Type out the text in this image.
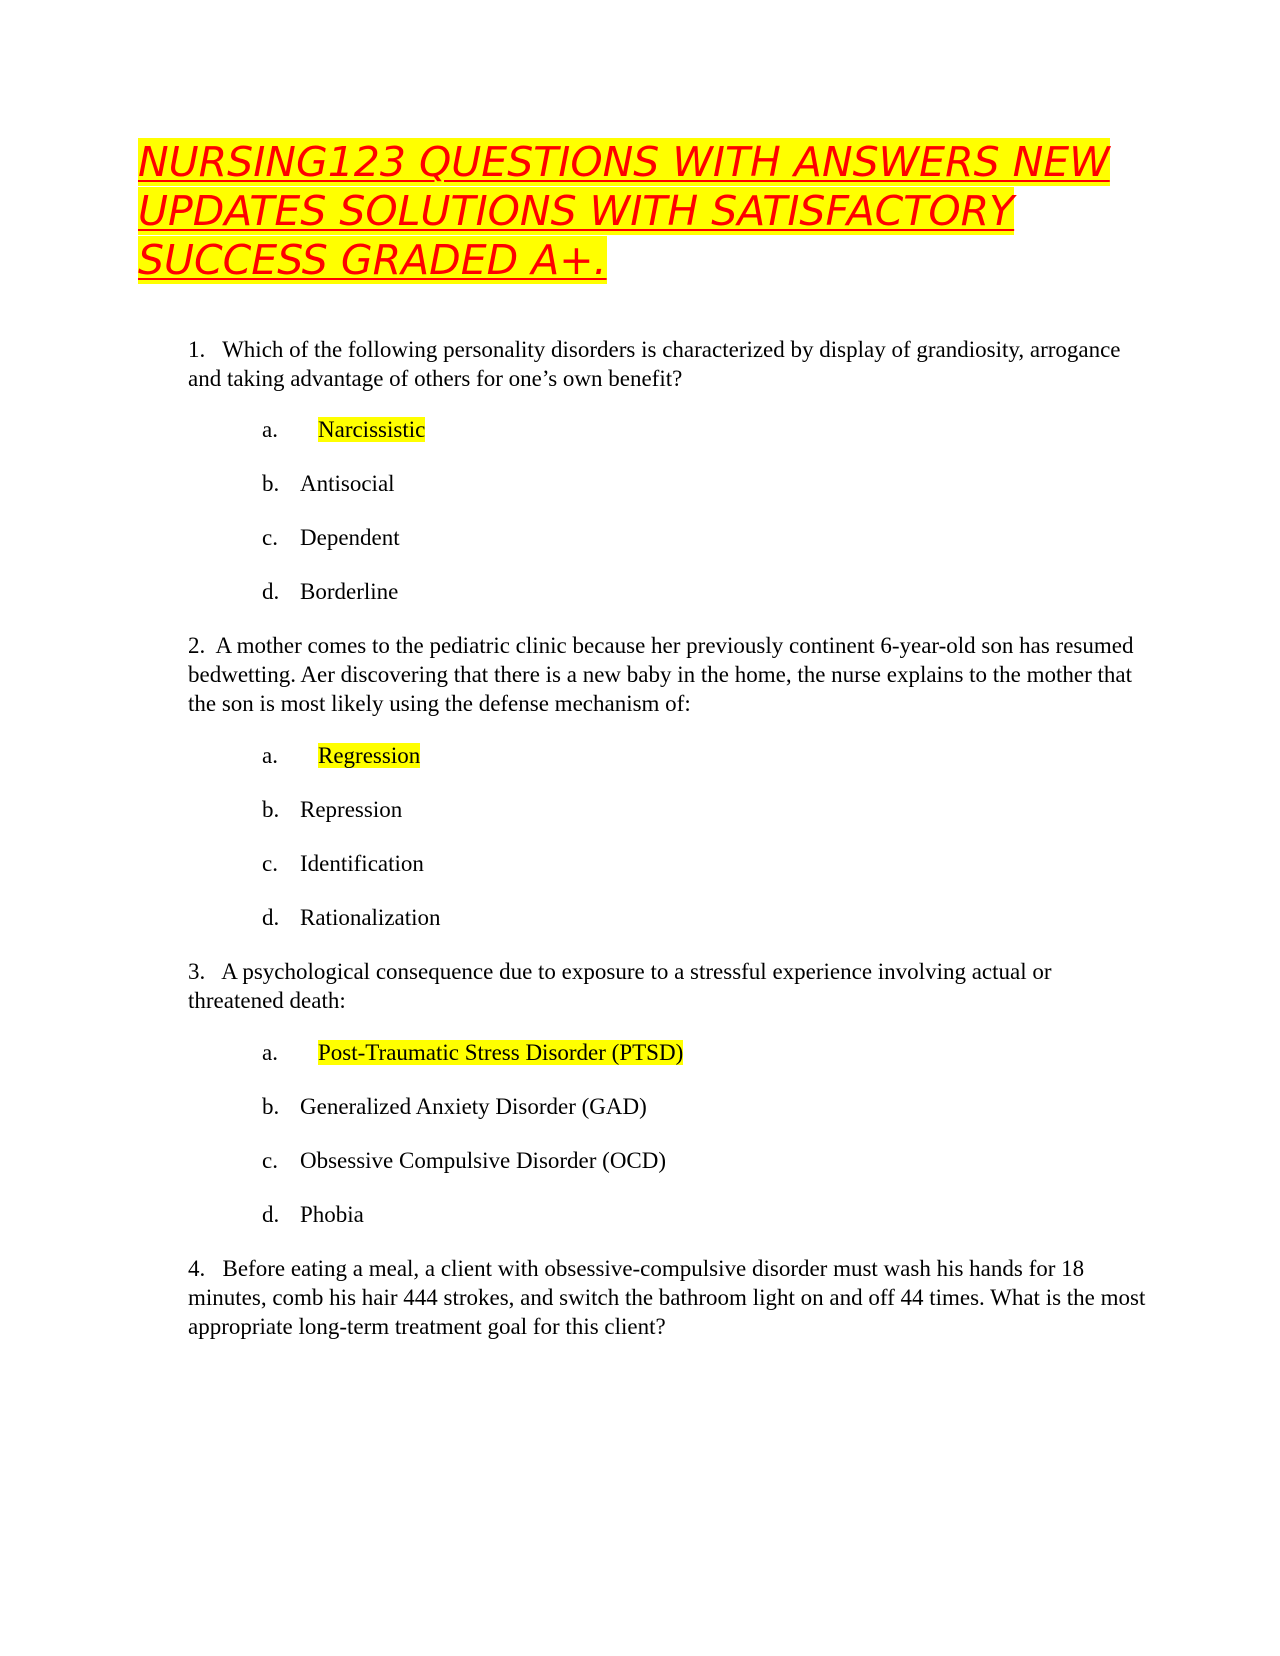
NURSING123 QUESTIONS WITH ANSWERS NEW UPDATES SOLUTIONS WITH SATISFACTORY SUCCESS GRADED A+.

1. Which of the following personality disorders is characterized by display of grandiosity, arrogance and taking advantage of others for one’s own benefit?

a. Narcissistic

b. Antisocial

c. Dependent

d. Borderline

2. A mother comes to the pediatric clinic because her previously continent 6-year-old son has resumed bedwetting. Aer discovering that there is a new baby in the home, the nurse explains to the mother that the son is most likely using the defense mechanism of:

a. Regression

b. Repression

c. Identification

d. Rationalization

3. A psychological consequence due to exposure to a stressful experience involving actual or threatened death:

a. Post-Traumatic Stress Disorder (PTSD)

b. Generalized Anxiety Disorder (GAD)

c. Obsessive Compulsive Disorder (OCD)

d. Phobia

4. Before eating a meal, a client with obsessive-compulsive disorder must wash his hands for 18 minutes, comb his hair 444 strokes, and switch the bathroom light on and off 44 times. What is the most appropriate long-term treatment goal for this client?
